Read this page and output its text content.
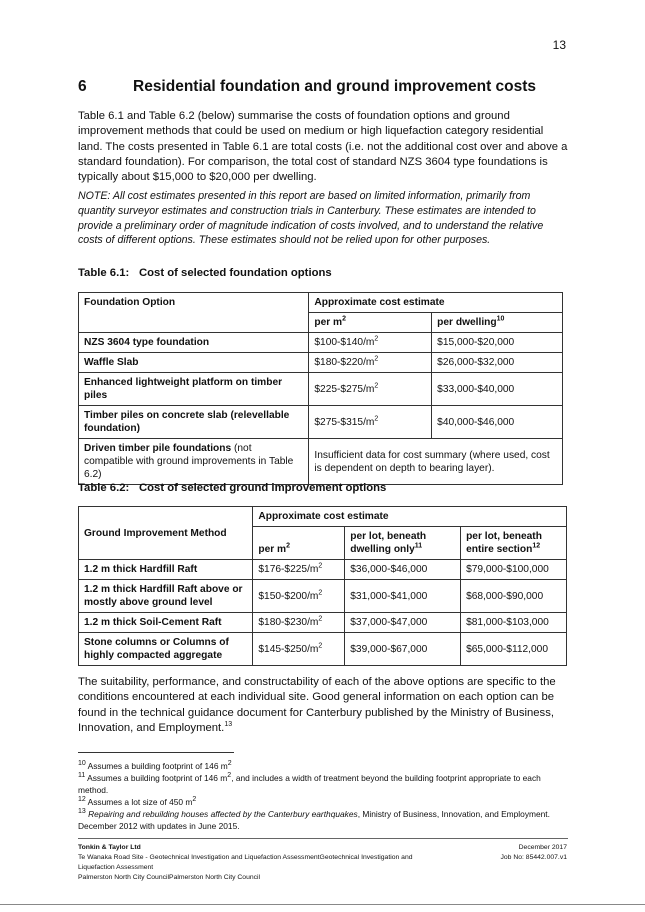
13
6	Residential foundation and ground improvement costs
Table 6.1 and Table 6.2 (below) summarise the costs of foundation options and ground improvement methods that could be used on medium or high liquefaction category residential land. The costs presented in Table 6.1 are total costs (i.e. not the additional cost over and above a standard foundation). For comparison, the total cost of standard NZS 3604 type foundations is typically about $15,000 to $20,000 per dwelling.
NOTE: All cost estimates presented in this report are based on limited information, primarily from quantity surveyor estimates and construction trials in Canterbury. These estimates are intended to provide a preliminary order of magnitude indication of costs involved, and to understand the relative costs of different options. These estimates should not be relied upon for other purposes.
Table 6.1: Cost of selected foundation options
Foundation Option	Approximate cost estimate	
	per $m^2$	per dwelling$^{10}$
NZS 3604 type foundation	$\$100-\$140/m^2$	$15,000-$20,000
Waffle Slab	$\$180-\$220/m^2$	$26,000-$32,000
Enhanced lightweight platform on timber piles	$\$225-\$275/m^2$	$33,000-$40,000
Timber piles on concrete slab (relevellable foundation)	$\$275-\$315/m^2$	$40,000-$46,000
Driven timber pile foundations (not compatible with ground improvements in Table 6.2)	Insufficient data for cost summary (where used, cost is dependent on depth to bearing layer).	
Table 6.2: Cost of selected ground improvement options
Ground Improvement Method	Approximate cost estimate		
	per $m^2$	per lot, beneath dwelling only$^{11}$	per lot, beneath entire section$^{12}$
1.2 m thick Hardfill Raft	$\$176-\$225/m^2$	$36,000-$46,000	$79,000-$100,000
1.2 m thick Hardfill Raft above or mostly above ground level	$\$150-\$200/m^2$	$31,000-$41,000	$68,000-$90,000
1.2 m thick Soil-Cement Raft	$\$180-\$230/m^2$	$37,000-$47,000	$81,000-$103,000
Stone columns or Columns of highly compacted aggregate	$\$145-\$250/m^2$	$39,000-$67,000	$65,000-$112,000
The suitability, performance, and constructability of each of the above options are specific to the conditions encountered at each individual site. Good general information on each option can be found in the technical guidance document for Canterbury published by the Ministry of Business, Innovation, and Employment.$^{13}$

$^{10}$ Assumes a building footprint of 146 $m^2$

$^{11}$ Assumes a building footprint of 146 $m^2$, and includes a width of treatment beyond the building footprint appropriate to each method.

$^{12}$ Assumes a lot size of 450 $m^2$

$^{13}$ Repairing and rebuilding houses affected by the Canterbury earthquakes, Ministry of Business, Innovation, and Employment. December 2012 with updates in June 2015.

Tonkin & Taylor Ltd
Te Wanaka Road Site - Geotechnical Investigation and Liquefaction AssessmentGeotechnical Investigation and Liquefaction Assessment
Palmerston North City CouncilPalmerston North City Council
December 2017
Job No: 85442.007.v1
